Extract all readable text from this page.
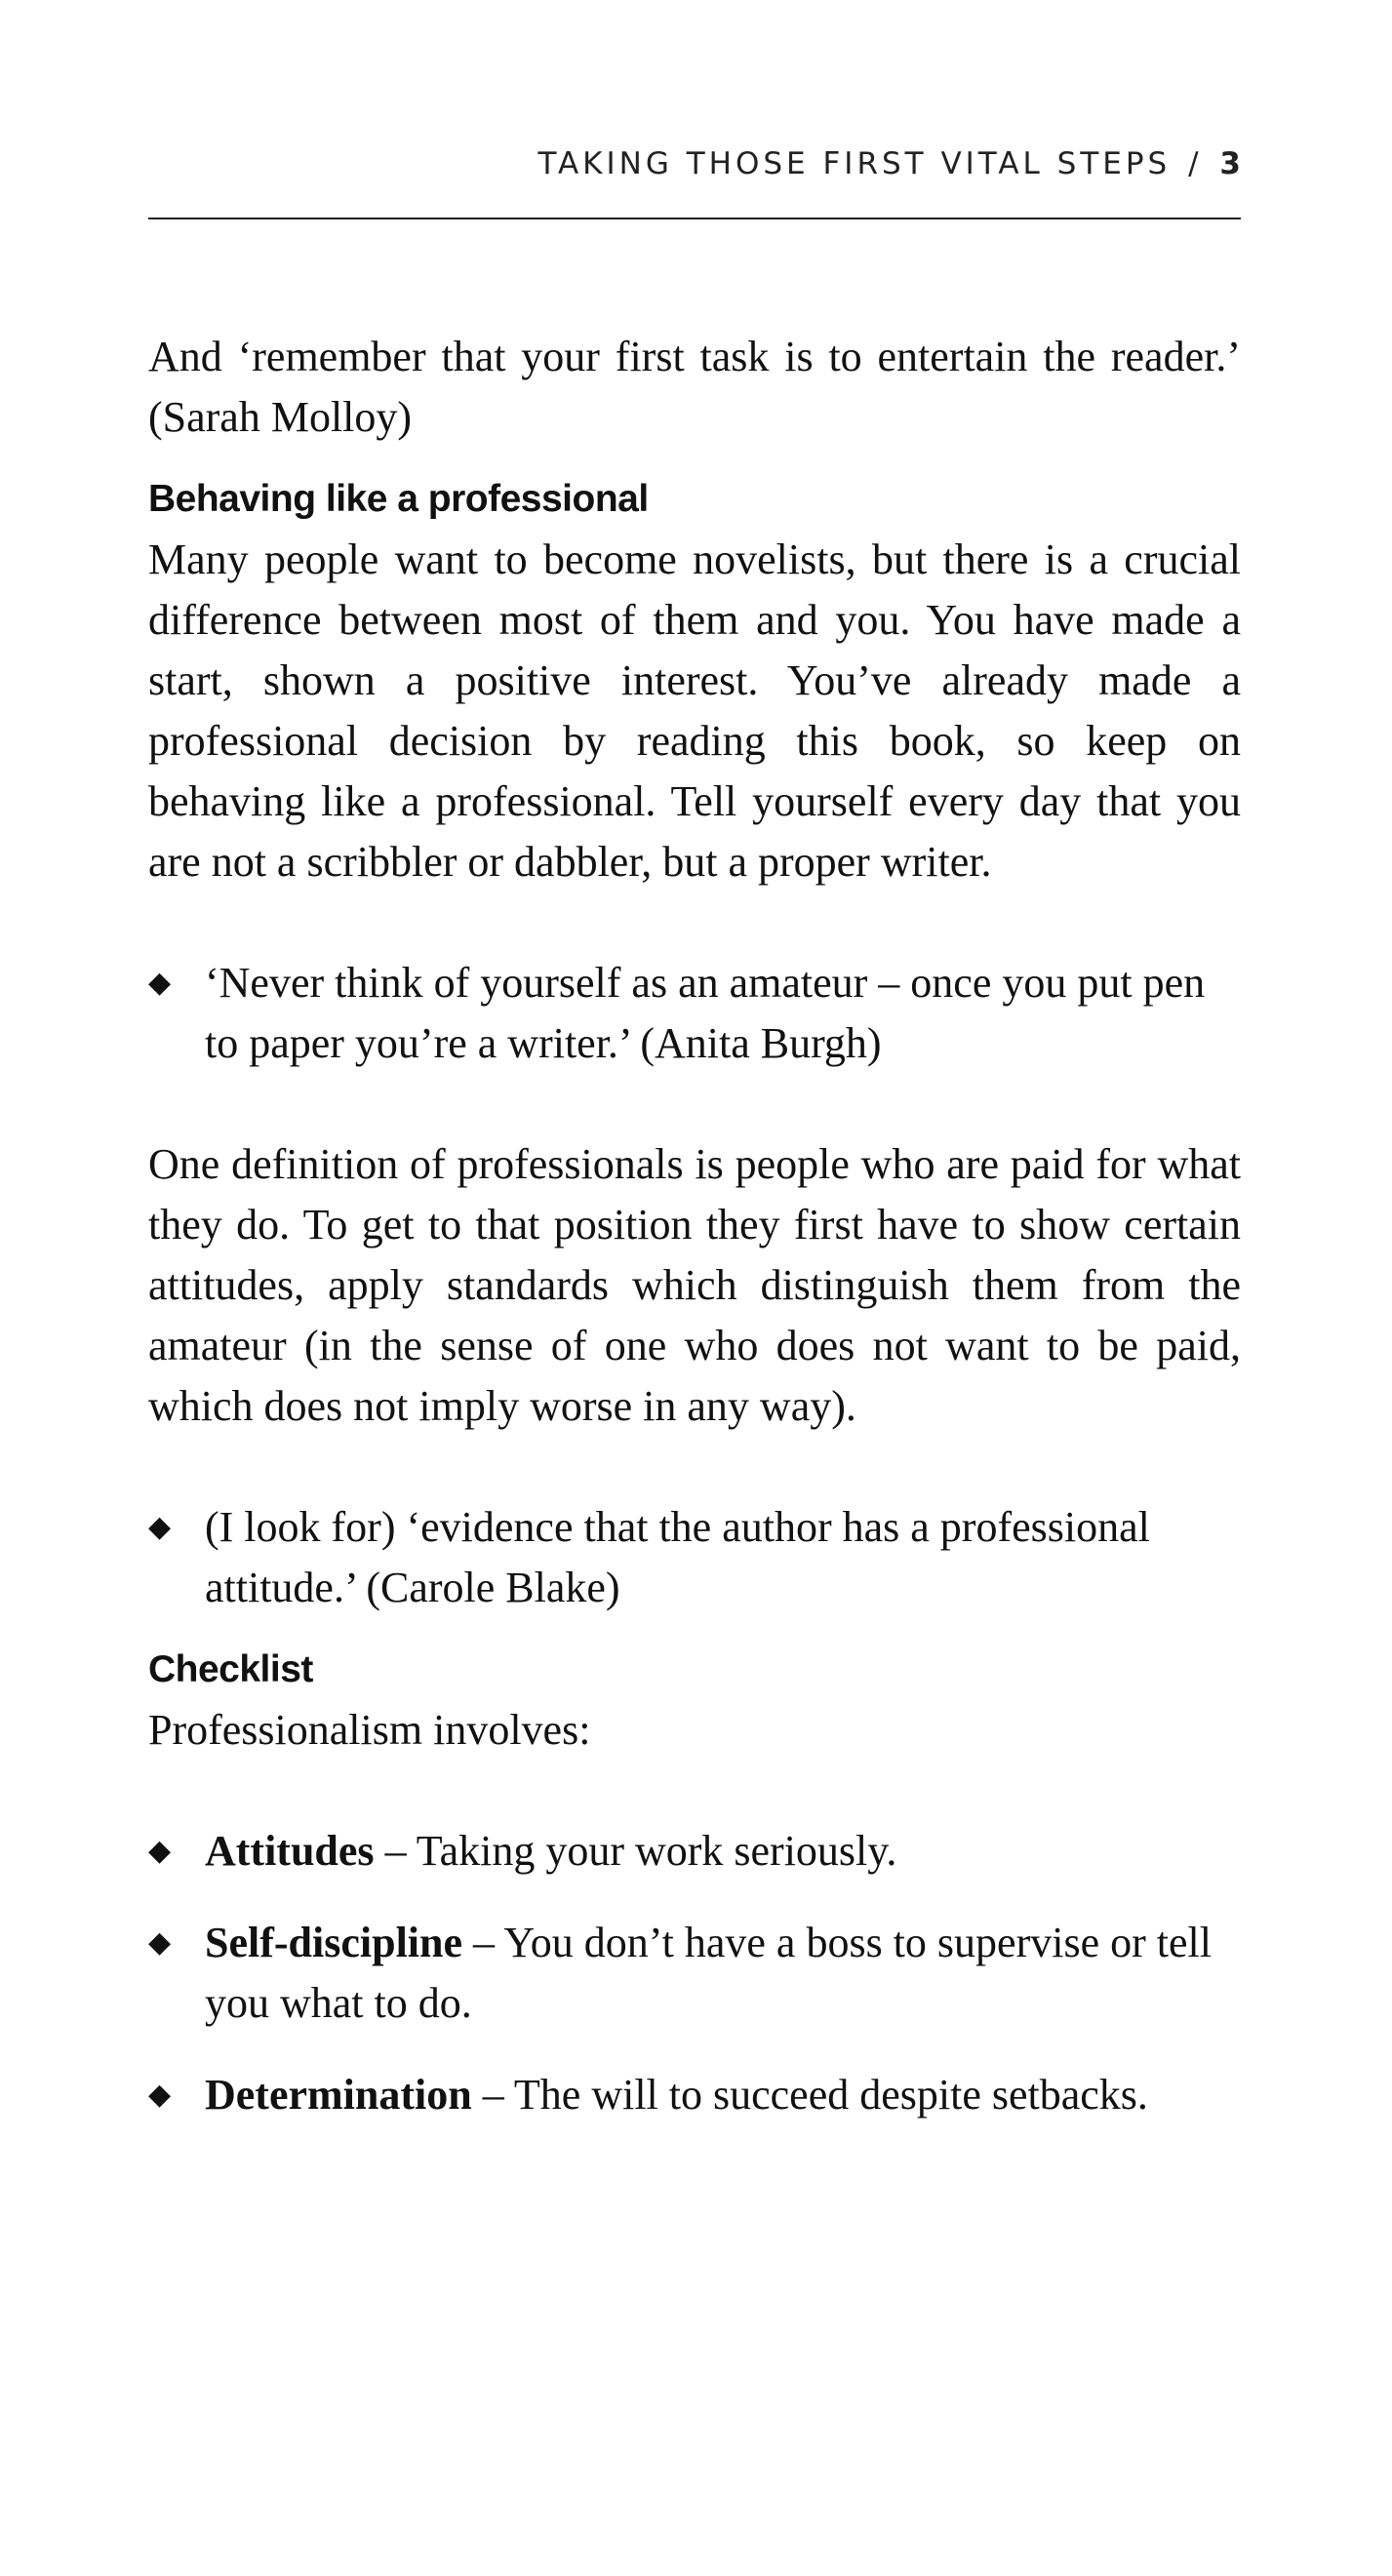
TAKING THOSE FIRST VITAL STEPS / 3

And ‘remember that your first task is to entertain the reader.’ (Sarah Molloy)

Behaving like a professional

Many people want to become novelists, but there is a crucial difference between most of them and you. You have made a start, shown a positive interest. You’ve already made a professional decision by reading this book, so keep on behaving like a professional. Tell yourself every day that you are not a scribbler or dabbler, but a proper writer.

◆ ‘Never think of yourself as an amateur – once you put pen to paper you’re a writer.’ (Anita Burgh)

One definition of professionals is people who are paid for what they do. To get to that position they first have to show certain attitudes, apply standards which distinguish them from the amateur (in the sense of one who does not want to be paid, which does not imply worse in any way).

◆ (I look for) ‘evidence that the author has a professional attitude.’ (Carole Blake)
Checklist

Professionalism involves:

◆ Attitudes – Taking your work seriously.
◆ Self-discipline – You don’t have a boss to supervise or tell you what to do.
◆ Determination – The will to succeed despite setbacks.
